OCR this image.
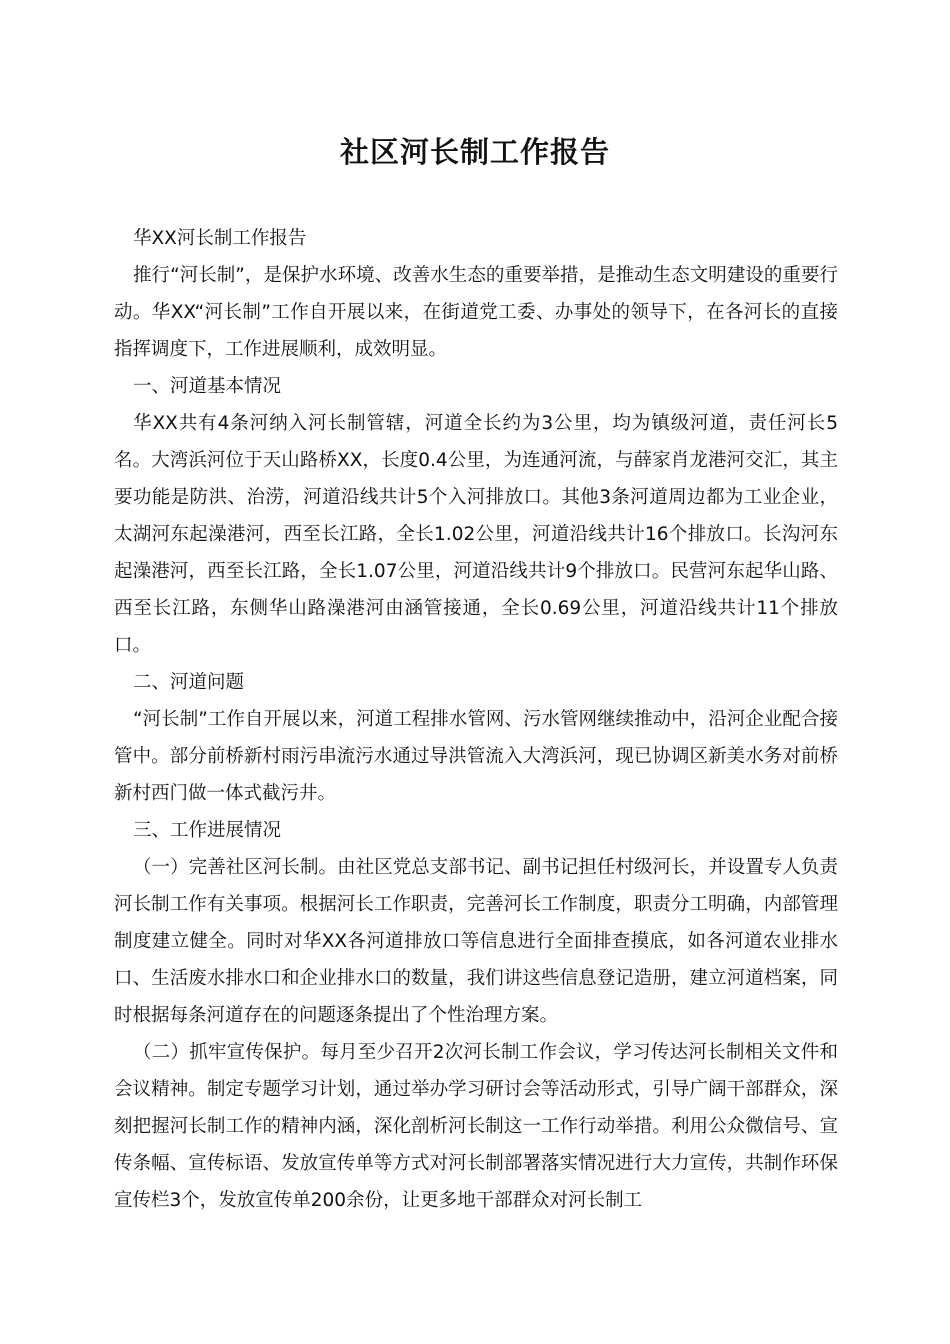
社区河长制工作报告

华XX河长制工作报告

推行“河长制”，是保护水环境、改善水生态的重要举措，是推动生态文明建设的重要行动。华XX“河长制”工作自开展以来，在街道党工委、办事处的领导下，在各河长的直接指挥调度下，工作进展顺利，成效明显。

一、河道基本情况

华XX共有4条河纳入河长制管辖，河道全长约为3公里，均为镇级河道，责任河长5名。大湾浜河位于天山路桥XX，长度0.4公里，为连通河流，与薛家肖龙港河交汇，其主要功能是防洪、治涝，河道沿线共计5个入河排放口。其他3条河道周边都为工业企业，太湖河东起澡港河，西至长江路，全长1.02公里，河道沿线共计16个排放口。长沟河东起澡港河，西至长江路，全长1.07公里，河道沿线共计9个排放口。民营河东起华山路、西至长江路，东侧华山路澡港河由涵管接通，全长0.69公里，河道沿线共计11个排放口。

二、河道问题

“河长制”工作自开展以来，河道工程排水管网、污水管网继续推动中，沿河企业配合接管中。部分前桥新村雨污串流污水通过导洪管流入大湾浜河，现已协调区新美水务对前桥新村西门做一体式截污井。

三、工作进展情况

（一）完善社区河长制。由社区党总支部书记、副书记担任村级河长，并设置专人负责河长制工作有关事项。根据河长工作职责，完善河长工作制度，职责分工明确，内部管理制度建立健全。同时对华XX各河道排放口等信息进行全面排查摸底，如各河道农业排水口、生活废水排水口和企业排水口的数量，我们讲这些信息登记造册，建立河道档案，同时根据每条河道存在的问题逐条提出了个性治理方案。

（二）抓牢宣传保护。每月至少召开2次河长制工作会议，学习传达河长制相关文件和会议精神。制定专题学习计划，通过举办学习研讨会等活动形式，引导广阔干部群众，深刻把握河长制工作的精神内涵，深化剖析河长制这一工作行动举措。利用公众微信号、宣传条幅、宣传标语、发放宣传单等方式对河长制部署落实情况进行大力宣传，共制作环保宣传栏3个，发放宣传单200余份，让更多地干部群众对河长制工
